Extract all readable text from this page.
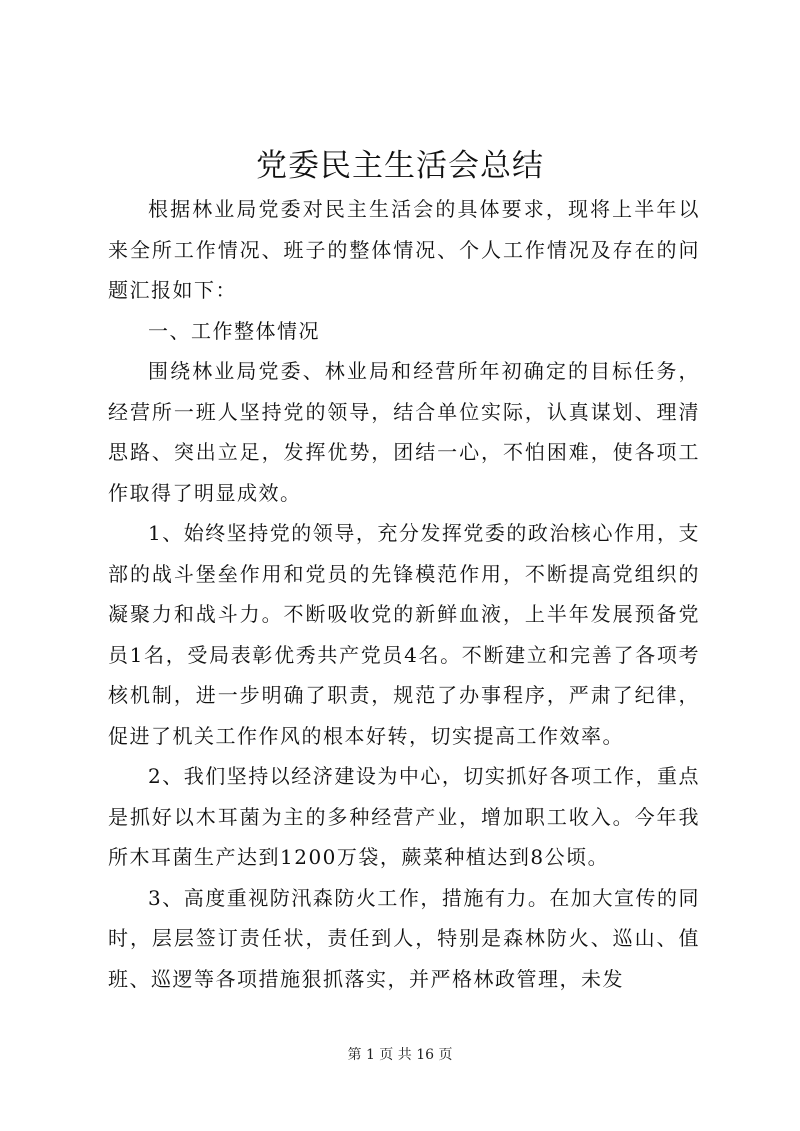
党委民主生活会总结

根据林业局党委对民主生活会的具体要求，现将上半年以来全所工作情况、班子的整体情况、个人工作情况及存在的问题汇报如下：

一、工作整体情况

围绕林业局党委、林业局和经营所年初确定的目标任务，经营所一班人坚持党的领导，结合单位实际，认真谋划、理清思路、突出立足，发挥优势，团结一心，不怕困难，使各项工作取得了明显成效。

1、始终坚持党的领导，充分发挥党委的政治核心作用，支部的战斗堡垒作用和党员的先锋模范作用，不断提高党组织的凝聚力和战斗力。不断吸收党的新鲜血液，上半年发展预备党员1名，受局表彰优秀共产党员4名。不断建立和完善了各项考核机制，进一步明确了职责，规范了办事程序，严肃了纪律，促进了机关工作作风的根本好转，切实提高工作效率。

2、我们坚持以经济建设为中心，切实抓好各项工作，重点是抓好以木耳菌为主的多种经营产业，增加职工收入。今年我所木耳菌生产达到1200万袋，蕨菜种植达到8公顷。

3、高度重视防汛森防火工作，措施有力。在加大宣传的同时，层层签订责任状，责任到人，特别是森林防火、巡山、值班、巡逻等各项措施狠抓落实，并严格林政管理，未发

第 1 页 共 16 页
